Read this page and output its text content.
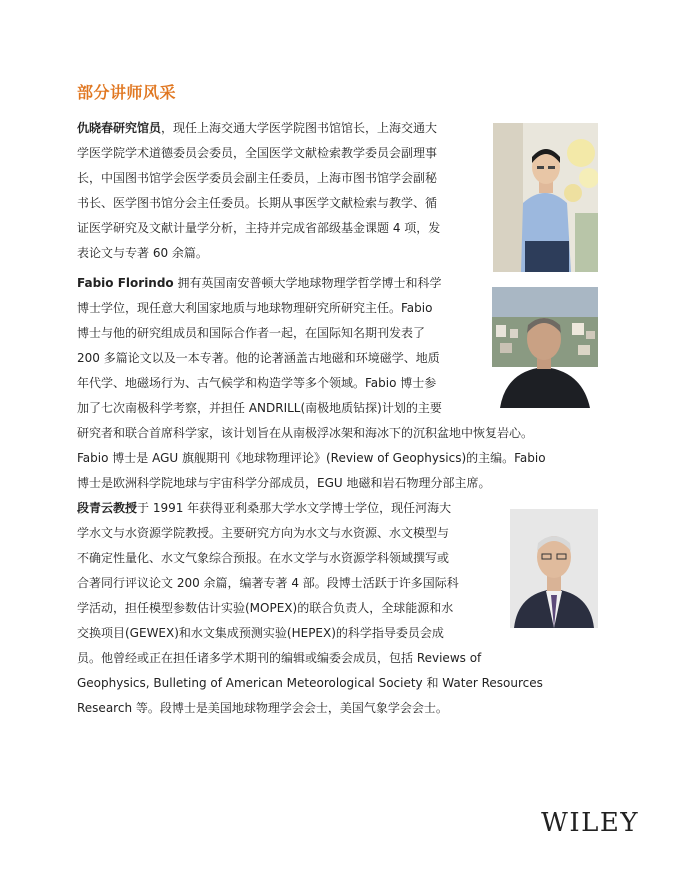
部分讲师风采
仇晓春研究馆员，现任上海交通大学医学院图书馆馆长，上海交通大
学医学院学术道德委员会委员，全国医学文献检索教学委员会副理事
长，中国图书馆学会医学委员会副主任委员，上海市图书馆学会副秘
书长、医学图书馆分会主任委员。长期从事医学文献检索与教学、循
证医学研究及文献计量学分析，主持并完成省部级基金课题 4 项，发
表论文与专著 60 余篇。
Fabio Florindo 拥有英国南安普顿大学地球物理学哲学博士和科学
博士学位，现任意大利国家地质与地球物理研究所研究主任。Fabio
博士与他的研究组成员和国际合作者一起，在国际知名期刊发表了
200 多篇论文以及一本专著。他的论著涵盖古地磁和环境磁学、地质
年代学、地磁场行为、古气候学和构造学等多个领域。Fabio 博士参
加了七次南极科学考察，并担任 ANDRILL(南极地质钻探)计划的主要
研究者和联合首席科学家，该计划旨在从南极浮冰架和海冰下的沉积盆地中恢复岩心。
Fabio 博士是 AGU 旗舰期刊《地球物理评论》(Review of Geophysics)的主编。Fabio
博士是欧洲科学院地球与宇宙科学分部成员，EGU 地磁和岩石物理分部主席。
段青云教授于 1991 年获得亚利桑那大学水文学博士学位，现任河海大
学水文与水资源学院教授。主要研究方向为水文与水资源、水文模型与
不确定性量化、水文气象综合预报。在水文学与水资源学科领域撰写或
合著同行评议论文 200 余篇，编著专著 4 部。段博士活跃于许多国际科
学活动，担任模型参数估计实验(MOPEX)的联合负责人，全球能源和水
交换项目(GEWEX)和水文集成预测实验(HEPEX)的科学指导委员会成
员。他曾经或正在担任诸多学术期刊的编辑或编委会成员，包括 Reviews of
Geophysics, Bulleting of American Meteorological Society 和 Water Resources
Research 等。段博士是美国地球物理学会会士，美国气象学会会士。
WILEY
